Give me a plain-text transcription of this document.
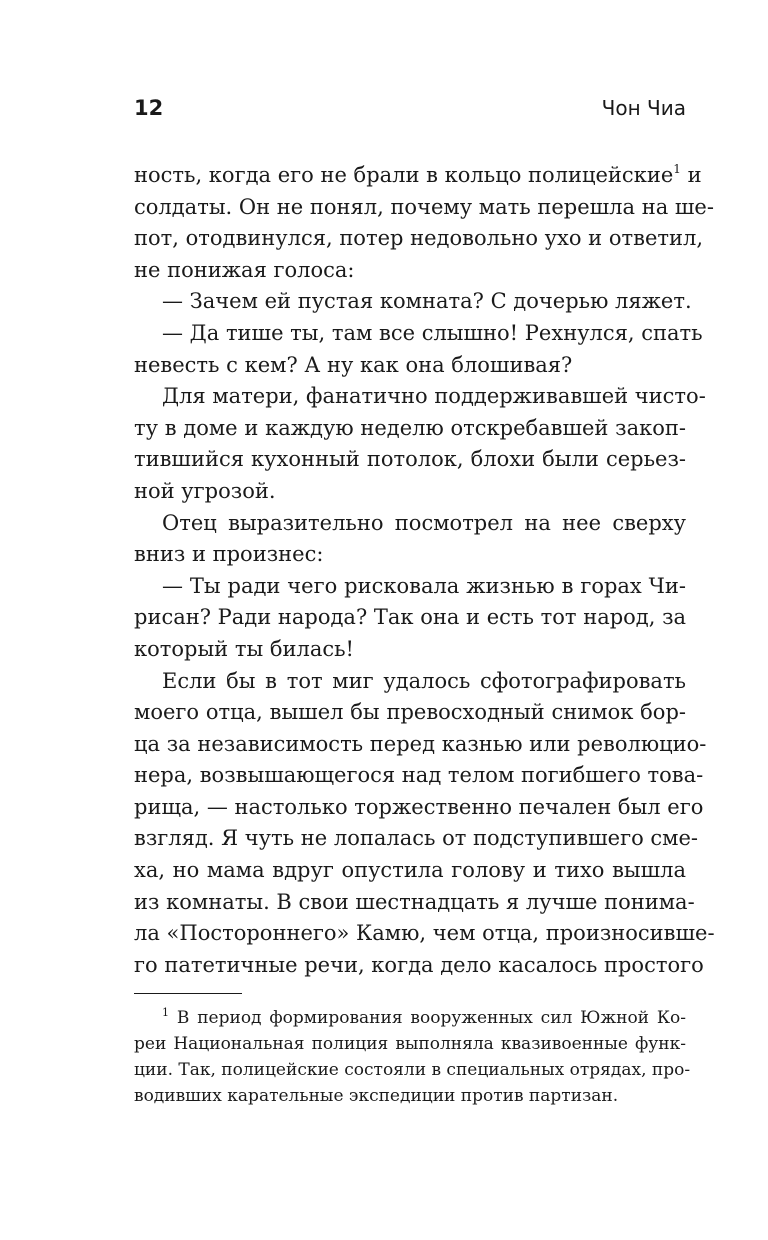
12	Чон Чиа
ность, когда его не брали в кольцо полицейские$^1$ и
солдаты. Он не понял, почему мать перешла на ше-
пот, отодвинулся, потер недовольно ухо и ответил,
не понижая голоса:
— Зачем ей пустая комната? С дочерью ляжет.
— Да тише ты, там все слышно! Рехнулся, спать
невесть с кем? А ну как она блошивая?
Для матери, фанатично поддерживавшей чисто-
ту в доме и каждую неделю отскребавшей закоп-
тившийся кухонный потолок, блохи были серьез-
ной угрозой.
Отец выразительно посмотрел на нее сверху
вниз и произнес:
— Ты ради чего рисковала жизнью в горах Чи-
рисан? Ради народа? Так она и есть тот народ, за
который ты билась!
Если бы в тот миг удалось сфотографировать
моего отца, вышел бы превосходный снимок бор-
ца за независимость перед казнью или революцио-
нера, возвышающегося над телом погибшего това-
рища, — настолько торжественно печален был его
взгляд. Я чуть не лопалась от подступившего сме-
ха, но мама вдруг опустила голову и тихо вышла
из комнаты. В свои шестнадцать я лучше понима-
ла «Постороннего» Камю, чем отца, произносивше-
го патетичные речи, когда дело касалось простого
$^1$ В период формирования вооруженных сил Южной Ко-
реи Национальная полиция выполняла квазивоенные функ-
ции. Так, полицейские состояли в специальных отрядах, про-
водивших карательные экспедиции против партизан.
